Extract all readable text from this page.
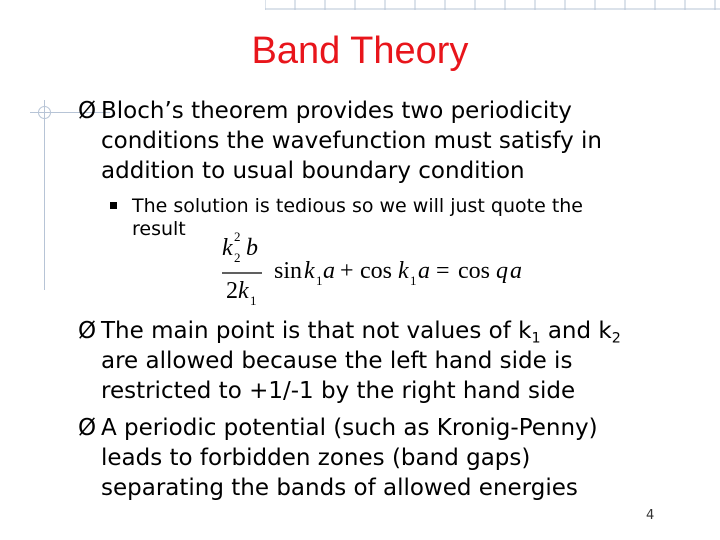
Band Theory
Ø Bloch’s theorem provides two periodicity
conditions the wavefunction must satisfy in
addition to usual boundary condition
The solution is tedious so we will just quote the
result
k 2
2 b
2 k 1
sin k 1 a + cos k 1 a = cos q a
Ø The main point is that not values of $k_1$ and $k_2$
are allowed because the left hand side is
restricted to +1/-1 by the right hand side
Ø A periodic potential (such as Kronig-Penny)
leads to forbidden zones (band gaps)
separating the bands of allowed energies
4
